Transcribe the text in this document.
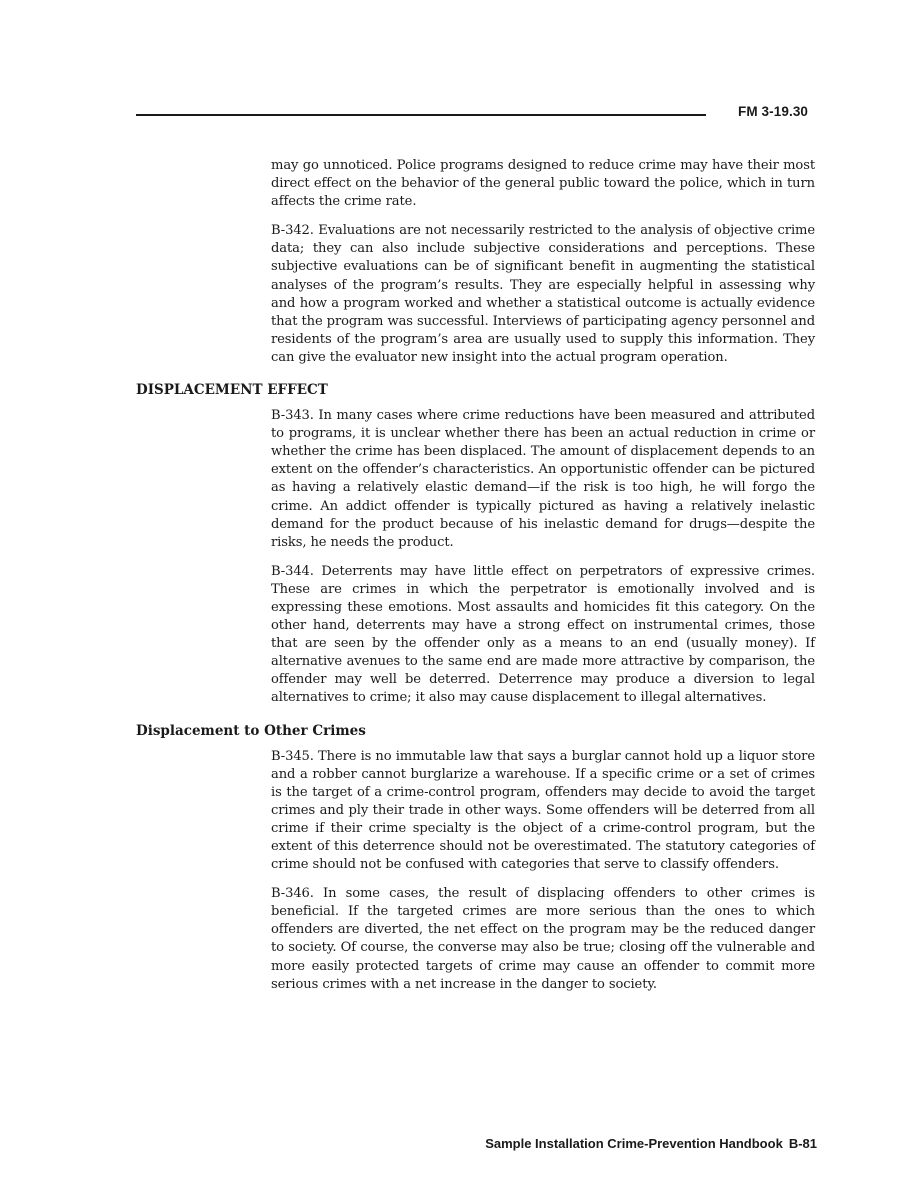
FM 3-19.30

may go unnoticed. Police programs designed to reduce crime may have their most direct effect on the behavior of the general public toward the police, which in turn affects the crime rate.

B-342. Evaluations are not necessarily restricted to the analysis of objective crime data; they can also include subjective considerations and perceptions. These subjective evaluations can be of significant benefit in augmenting the statistical analyses of the program’s results. They are especially helpful in assessing why and how a program worked and whether a statistical outcome is actually evidence that the program was successful. Interviews of participating agency personnel and residents of the program’s area are usually used to supply this information. They can give the evaluator new insight into the actual program operation.

DISPLACEMENT EFFECT

B-343. In many cases where crime reductions have been measured and attributed to programs, it is unclear whether there has been an actual reduction in crime or whether the crime has been displaced. The amount of displacement depends to an extent on the offender’s characteristics. An opportunistic offender can be pictured as having a relatively elastic demand—if the risk is too high, he will forgo the crime. An addict offender is typically pictured as having a relatively inelastic demand for the product because of his inelastic demand for drugs—despite the risks, he needs the product.

B-344. Deterrents may have little effect on perpetrators of expressive crimes. These are crimes in which the perpetrator is emotionally involved and is expressing these emotions. Most assaults and homicides fit this category. On the other hand, deterrents may have a strong effect on instrumental crimes, those that are seen by the offender only as a means to an end (usually money). If alternative avenues to the same end are made more attractive by comparison, the offender may well be deterred. Deterrence may produce a diversion to legal alternatives to crime; it also may cause displacement to illegal alternatives.

Displacement to Other Crimes

B-345. There is no immutable law that says a burglar cannot hold up a liquor store and a robber cannot burglarize a warehouse. If a specific crime or a set of crimes is the target of a crime-control program, offenders may decide to avoid the target crimes and ply their trade in other ways. Some offenders will be deterred from all crime if their crime specialty is the object of a crime-control program, but the extent of this deterrence should not be overestimated. The statutory categories of crime should not be confused with categories that serve to classify offenders.

B-346. In some cases, the result of displacing offenders to other crimes is beneficial. If the targeted crimes are more serious than the ones to which offenders are diverted, the net effect on the program may be the reduced danger to society. Of course, the converse may also be true; closing off the vulnerable and more easily protected targets of crime may cause an offender to commit more serious crimes with a net increase in the danger to society.

Sample Installation Crime-Prevention Handbook B-81
